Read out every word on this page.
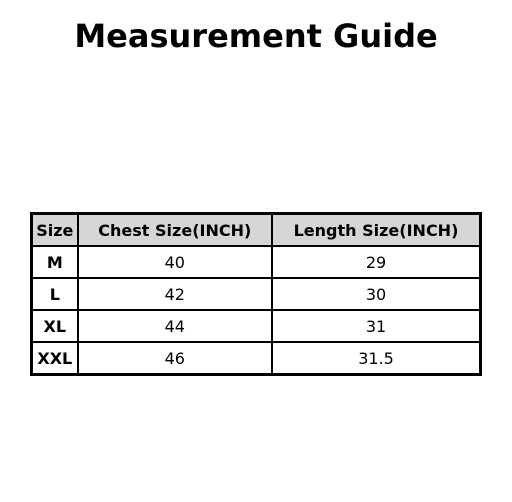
Measurement Guide
Size	Chest Size(INCH)	Length Size(INCH)
M	40	29
L	42	30
XL	44	31
XXL	46	31.5
